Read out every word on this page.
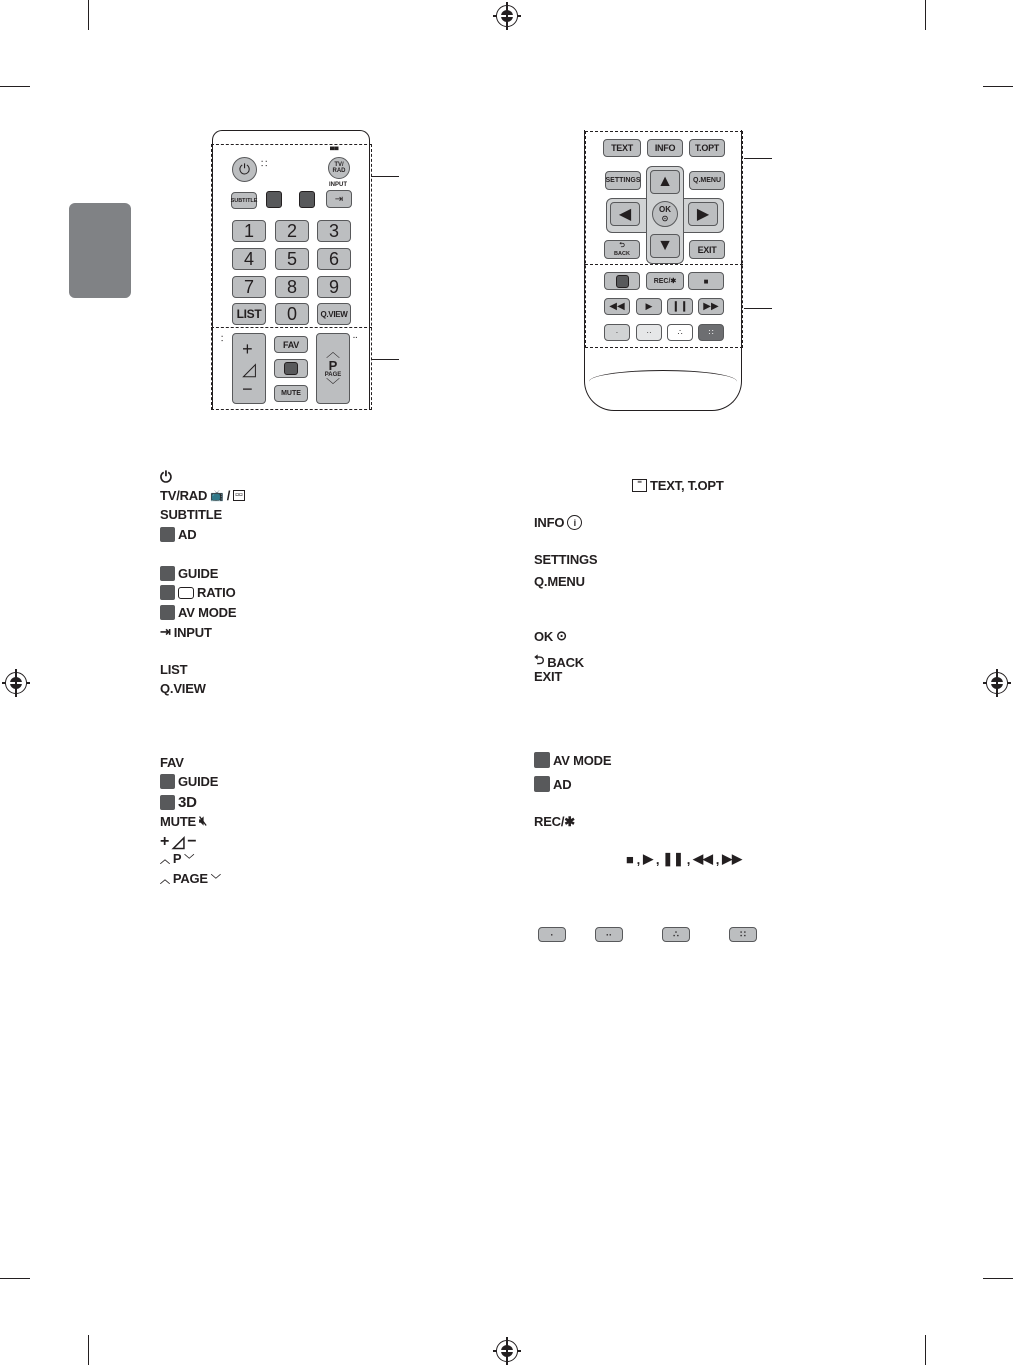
⏻	⁚ ⁚
▀▀
TV/
RAD
SUBTITLE
INPUT
⇥
1	2	3
4	5	6
7	8	9
LIST	0	Q.VIEW
⁚	+
◿
−
FAV
MUTE
··
︿
P
PAGE
﹀
TEXT	INFO	T.OPT
SETTINGS	Q.MENU
▲
◀	▶
▼
OK
⊙
⮌
BACK	EXIT
REC/✱	■
◀◀	▶	❙❙	▶▶
·	··	∴	∷
⏻
TV/RAD 📺 / ▫▫
SUBTITLE
AD
GUIDE
RATIO
AV MODE
⇥ INPUT
LIST
Q.VIEW
FAV
GUIDE
3D
MUTE 🔇︎
+ ◿ −
︿ P ﹀
︿ PAGE ﹀
≡ TEXT, T.OPT
INFO	i
SETTINGS
Q.MENU
OK ⊙
⮌ BACK
EXIT
AV MODE
AD
REC/✱
■ , ▶ , ❚❚ , ◀◀ , ▶▶
·	··	∴	∷
